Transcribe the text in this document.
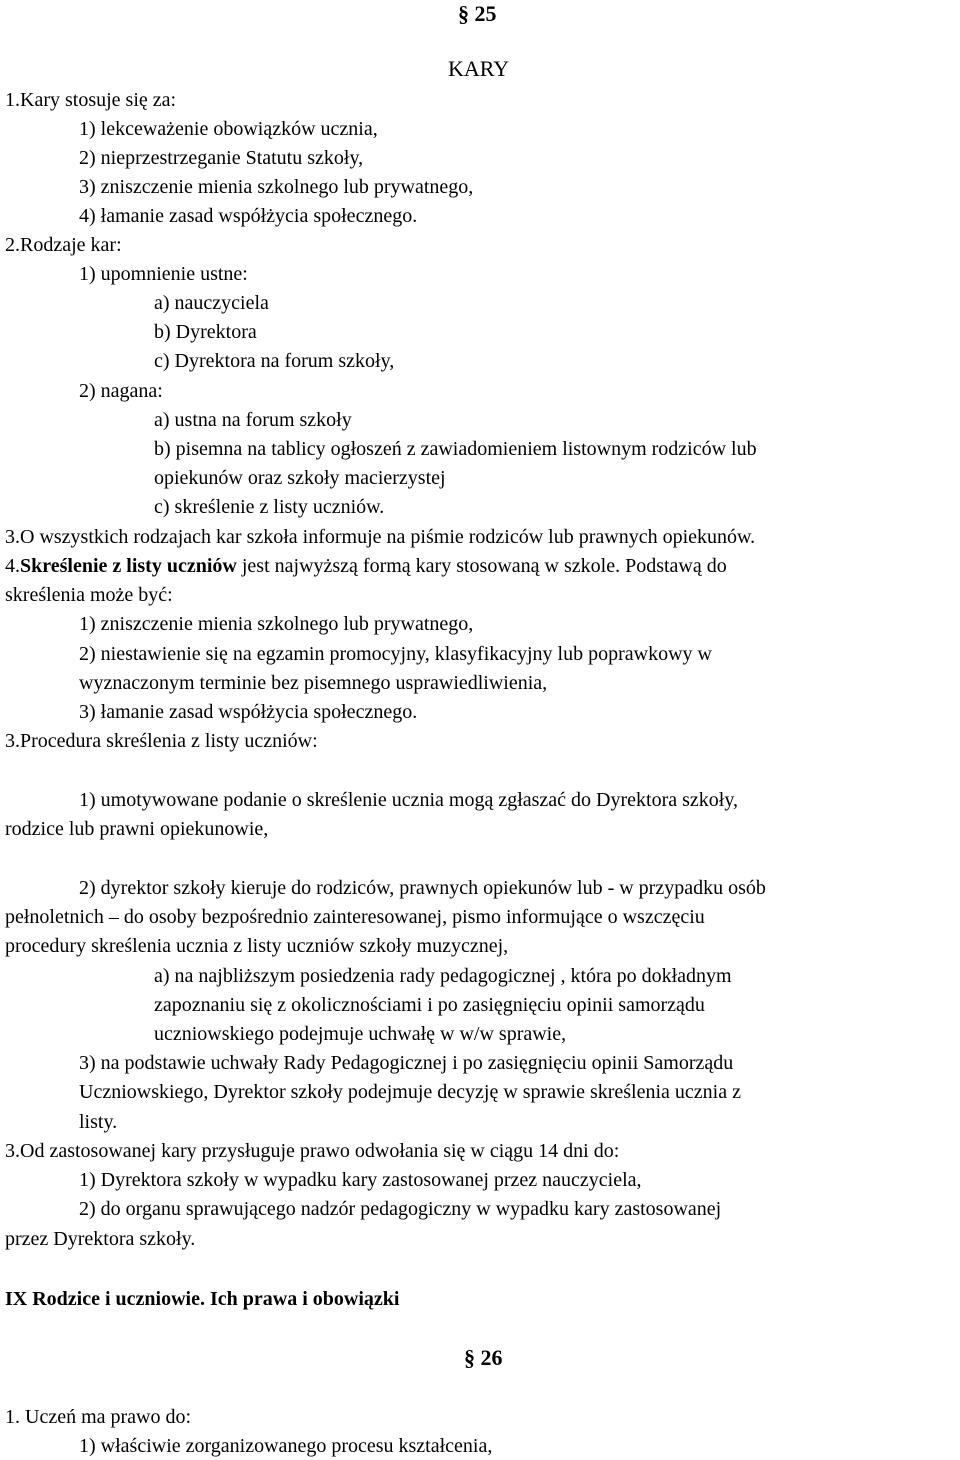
§ 25
KARY
1.Kary stosuje się za:
1) lekceważenie obowiązków ucznia,
2) nieprzestrzeganie Statutu szkoły,
3) zniszczenie mienia szkolnego lub prywatnego,
4) łamanie zasad współżycia społecznego.
2.Rodzaje kar:
1) upomnienie ustne:
a) nauczyciela
b) Dyrektora
c) Dyrektora na forum szkoły,
2) nagana:
a) ustna na forum szkoły
b) pisemna na tablicy ogłoszeń z zawiadomieniem listownym rodziców lub
opiekunów oraz szkoły macierzystej
c) skreślenie z listy uczniów.
3.O wszystkich rodzajach kar szkoła informuje na piśmie rodziców lub prawnych opiekunów.
4.Skreślenie z listy uczniów jest najwyższą formą kary stosowaną w szkole. Podstawą do
skreślenia może być:
1) zniszczenie mienia szkolnego lub prywatnego,
2) niestawienie się na egzamin promocyjny, klasyfikacyjny lub poprawkowy w
wyznaczonym terminie bez pisemnego usprawiedliwienia,
3) łamanie zasad współżycia społecznego.
3.Procedura skreślenia z listy uczniów:
1) umotywowane podanie o skreślenie ucznia mogą zgłaszać do Dyrektora szkoły,
rodzice lub prawni opiekunowie,
2) dyrektor szkoły kieruje do rodziców, prawnych opiekunów lub - w przypadku osób
pełnoletnich – do osoby bezpośrednio zainteresowanej, pismo informujące o wszczęciu
procedury skreślenia ucznia z listy uczniów szkoły muzycznej,
a) na najbliższym posiedzenia rady pedagogicznej , która po dokładnym
zapoznaniu się z okolicznościami i po zasięgnięciu opinii samorządu
uczniowskiego podejmuje uchwałę w w/w sprawie,
3) na podstawie uchwały Rady Pedagogicznej i po zasięgnięciu opinii Samorządu
Uczniowskiego, Dyrektor szkoły podejmuje decyzję w sprawie skreślenia ucznia z
listy.
3.Od zastosowanej kary przysługuje prawo odwołania się w ciągu 14 dni do:
1) Dyrektora szkoły w wypadku kary zastosowanej przez nauczyciela,
2) do organu sprawującego nadzór pedagogiczny w wypadku kary zastosowanej
przez Dyrektora szkoły.
IX Rodzice i uczniowie. Ich prawa i obowiązki
§ 26
1. Uczeń ma prawo do:
1) właściwie zorganizowanego procesu kształcenia,
